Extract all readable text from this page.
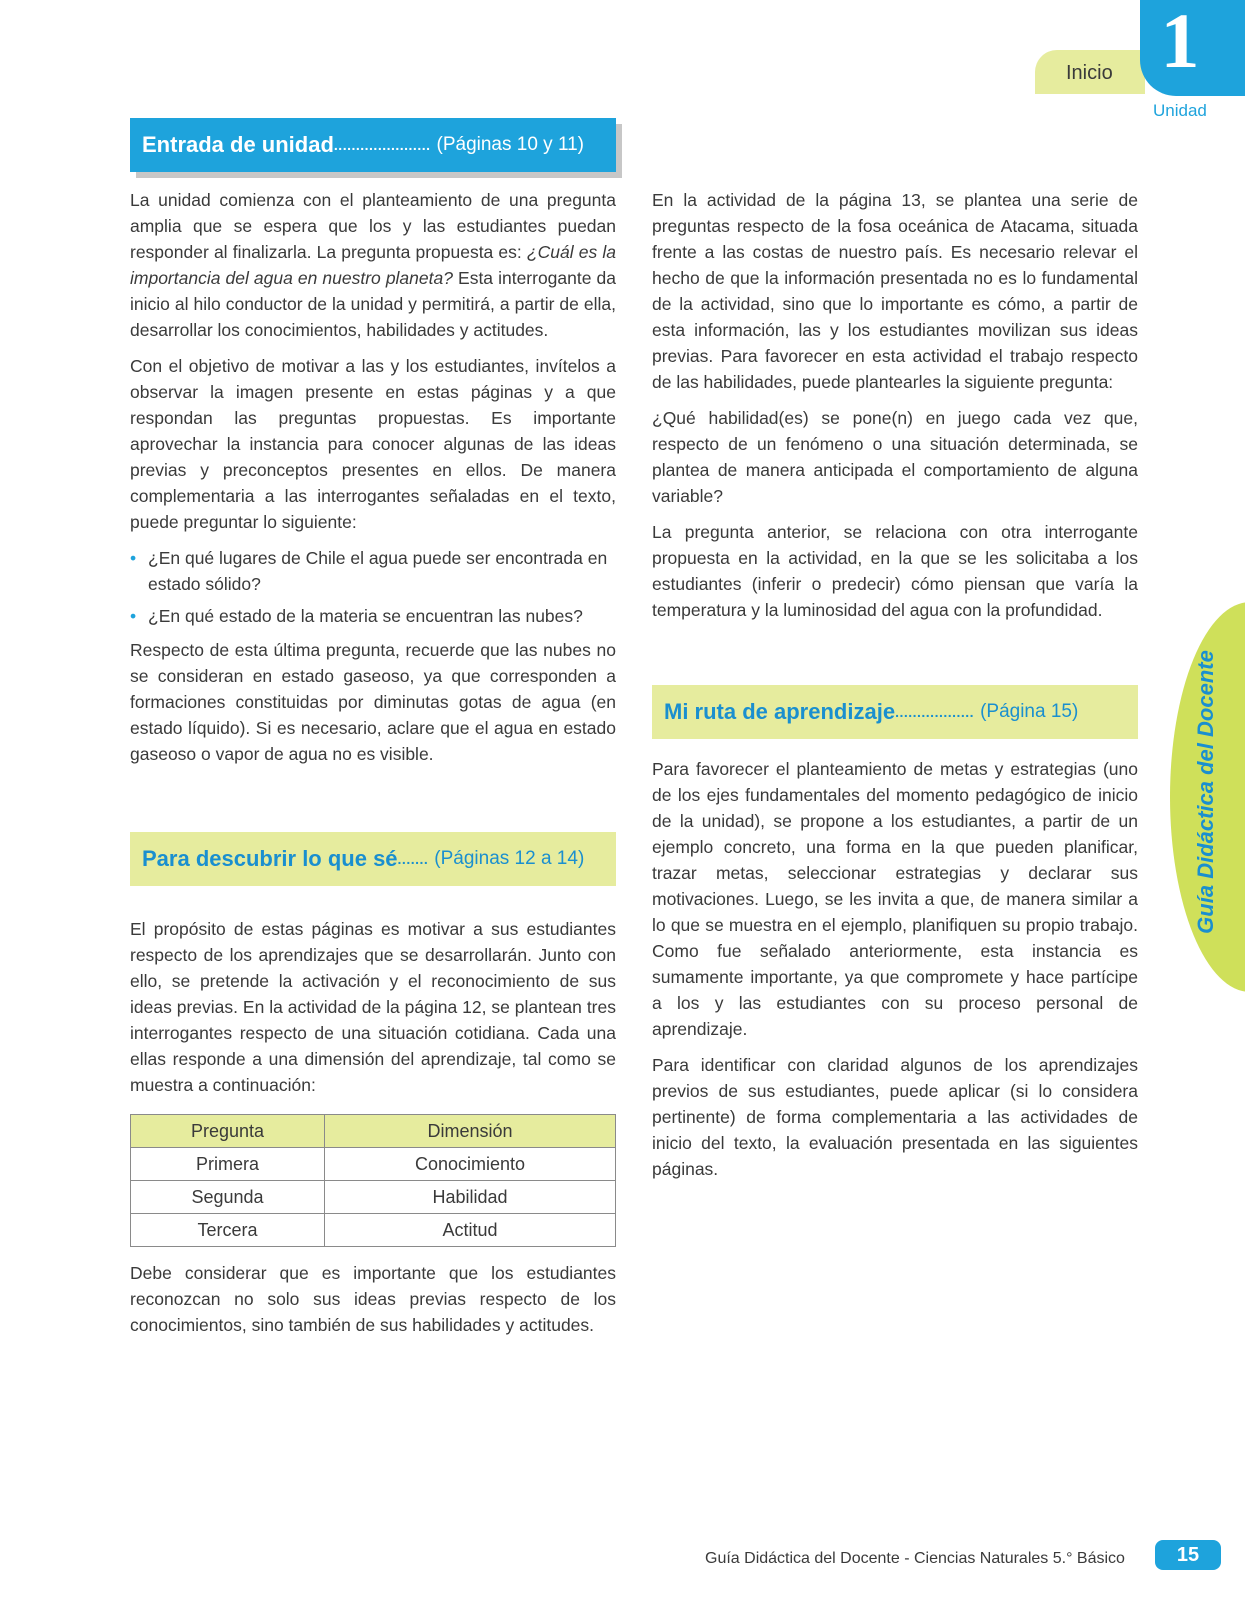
Inicio 1
Unidad
Guía Didáctica del Docente
Entrada de unidad ...................... (Páginas 10 y 11)

La unidad comienza con el planteamiento de una pregunta amplia que se espera que los y las estudiantes puedan responder al finalizarla. La pregunta propuesta es: ¿Cuál es la importancia del agua en nuestro planeta? Esta interrogante da inicio al hilo conductor de la unidad y permitirá, a partir de ella, desarrollar los conocimientos, habilidades y actitudes.

Con el objetivo de motivar a las y los estudiantes, invítelos a observar la imagen presente en estas páginas y a que respondan las preguntas propuestas. Es importante aprovechar la instancia para conocer algunas de las ideas previas y preconceptos presentes en ellos. De manera complementaria a las interrogantes señaladas en el texto, puede preguntar lo siguiente:

• ¿En qué lugares de Chile el agua puede ser encontrada en estado sólido?
• ¿En qué estado de la materia se encuentran las nubes?

Respecto de esta última pregunta, recuerde que las nubes no se consideran en estado gaseoso, ya que corresponden a formaciones constituidas por diminutas gotas de agua (en estado líquido). Si es necesario, aclare que el agua en estado gaseoso o vapor de agua no es visible.

Para descubrir lo que sé ....... (Páginas 12 a 14)

El propósito de estas páginas es motivar a sus estudiantes respecto de los aprendizajes que se desarrollarán. Junto con ello, se pretende la activación y el reconocimiento de sus ideas previas. En la actividad de la página 12, se plantean tres interrogantes respecto de una situación cotidiana. Cada una ellas responde a una dimensión del aprendizaje, tal como se muestra a continuación:

Pregunta	Dimensión
Primera	Conocimiento
Segunda	Habilidad
Tercera	Actitud

Debe considerar que es importante que los estudiantes reconozcan no solo sus ideas previas respecto de los conocimientos, sino también de sus habilidades y actitudes.

En la actividad de la página 13, se plantea una serie de preguntas respecto de la fosa oceánica de Atacama, situada frente a las costas de nuestro país. Es necesario relevar el hecho de que la información presentada no es lo fundamental de la actividad, sino que lo importante es cómo, a partir de esta información, las y los estudiantes movilizan sus ideas previas. Para favorecer en esta actividad el trabajo respecto de las habilidades, puede plantearles la siguiente pregunta:

¿Qué habilidad(es) se pone(n) en juego cada vez que, respecto de un fenómeno o una situación determinada, se plantea de manera anticipada el comportamiento de alguna variable?

La pregunta anterior, se relaciona con otra interrogante propuesta en la actividad, en la que se les solicitaba a los estudiantes (inferir o predecir) cómo piensan que varía la temperatura y la luminosidad del agua con la profundidad.

Mi ruta de aprendizaje .................. (Página 15)

Para favorecer el planteamiento de metas y estrategias (uno de los ejes fundamentales del momento pedagógico de inicio de la unidad), se propone a los estudiantes, a partir de un ejemplo concreto, una forma en la que pueden planificar, trazar metas, seleccionar estrategias y declarar sus motivaciones. Luego, se les invita a que, de manera similar a lo que se muestra en el ejemplo, planifiquen su propio trabajo. Como fue señalado anteriormente, esta instancia es sumamente importante, ya que compromete y hace partícipe a los y las estudiantes con su proceso personal de aprendizaje.

Para identificar con claridad algunos de los aprendizajes previos de sus estudiantes, puede aplicar (si lo considera pertinente) de forma complementaria a las actividades de inicio del texto, la evaluación presentada en las siguientes páginas.

Guía Didáctica del Docente - Ciencias Naturales 5.° Básico	15
